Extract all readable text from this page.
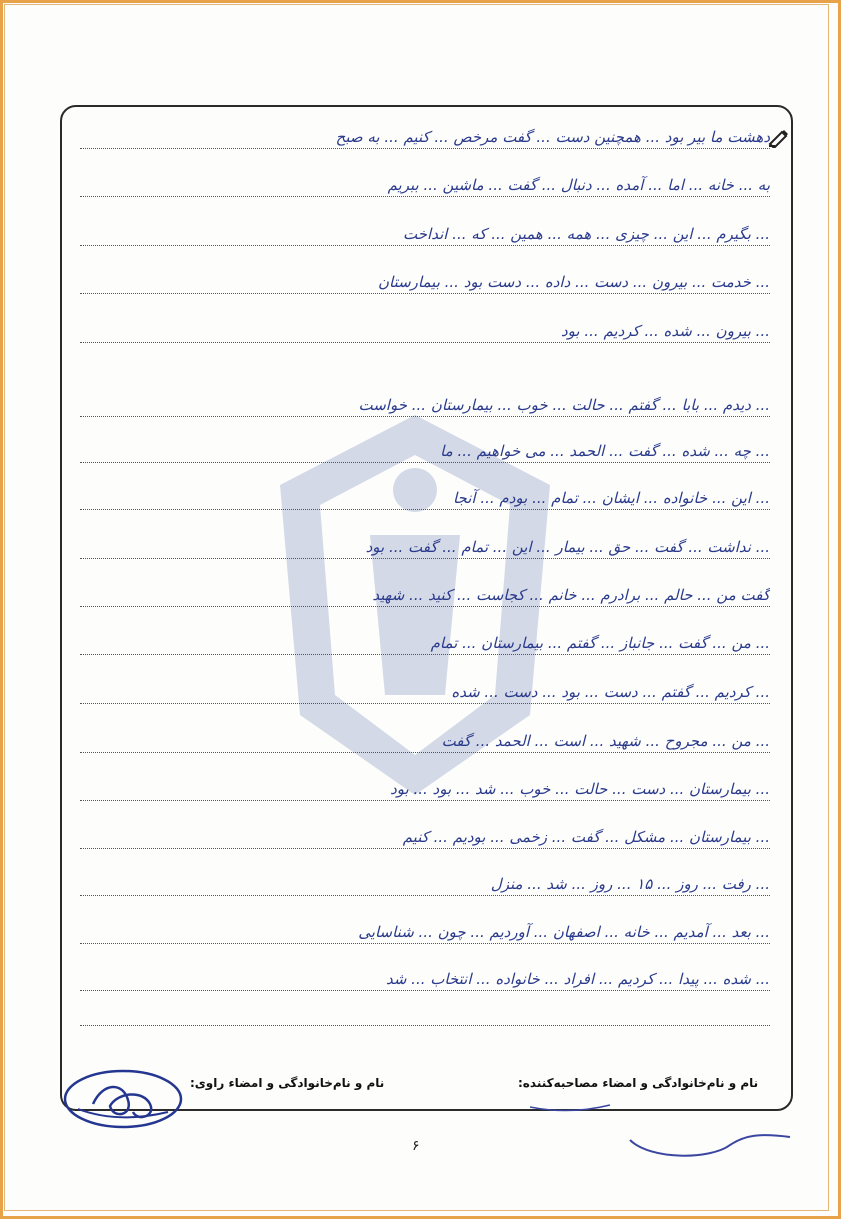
دهشت ما بیر بود ... همچنین دست ... گفت مرخص ... کنیم ... به صبح
به ... خانه ... اما ... آمده ... دنبال ... گفت ... ماشین ... ببریم
... بگیرم ... این ... چیزی ... همه ... همین ... که ... انداخت
... خدمت ... بیرون ... دست ... داده ... دست بود ... بیمارستان
... بیرون ... شده ... کردیم ... بود
... دیدم ... بابا ... گفتم ... حالت ... خوب ... بیمارستان ... خواست
... چه ... شده ... گفت ... الحمد ... می خواهیم ... ما
... این ... خانواده ... ایشان ... تمام ... بودم ... آنجا
... نداشت ... گفت ... حق ... بیمار ... این ... تمام ... گفت ... بود
گفت من ... حالم ... برادرم ... خانم ... کجاست ... کنید ... شهید
... من ... گفت ... جانباز ... گفتم ... بیمارستان ... تمام
... کردیم ... گفتم ... دست ... بود ... دست ... شده
... من ... مجروح ... شهید ... است ... الحمد ... گفت
... بیمارستان ... دست ... حالت ... خوب ... شد ... بود ... بود
... بیمارستان ... مشکل ... گفت ... زخمی ... بودیم ... کنیم
... رفت ... روز ... ۱۵ ... روز ... شد ... منزل
... بعد ... آمدیم ... خانه ... اصفهان ... آوردیم ... چون ... شناسایی
... شده ... پیدا ... کردیم ... افراد ... خانواده ... انتخاب ... شد
نام و نام‌خانوادگی و امضاء مصاحبه‌کننده:
نام و نام‌خانوادگی و امضاء راوی:
۶
